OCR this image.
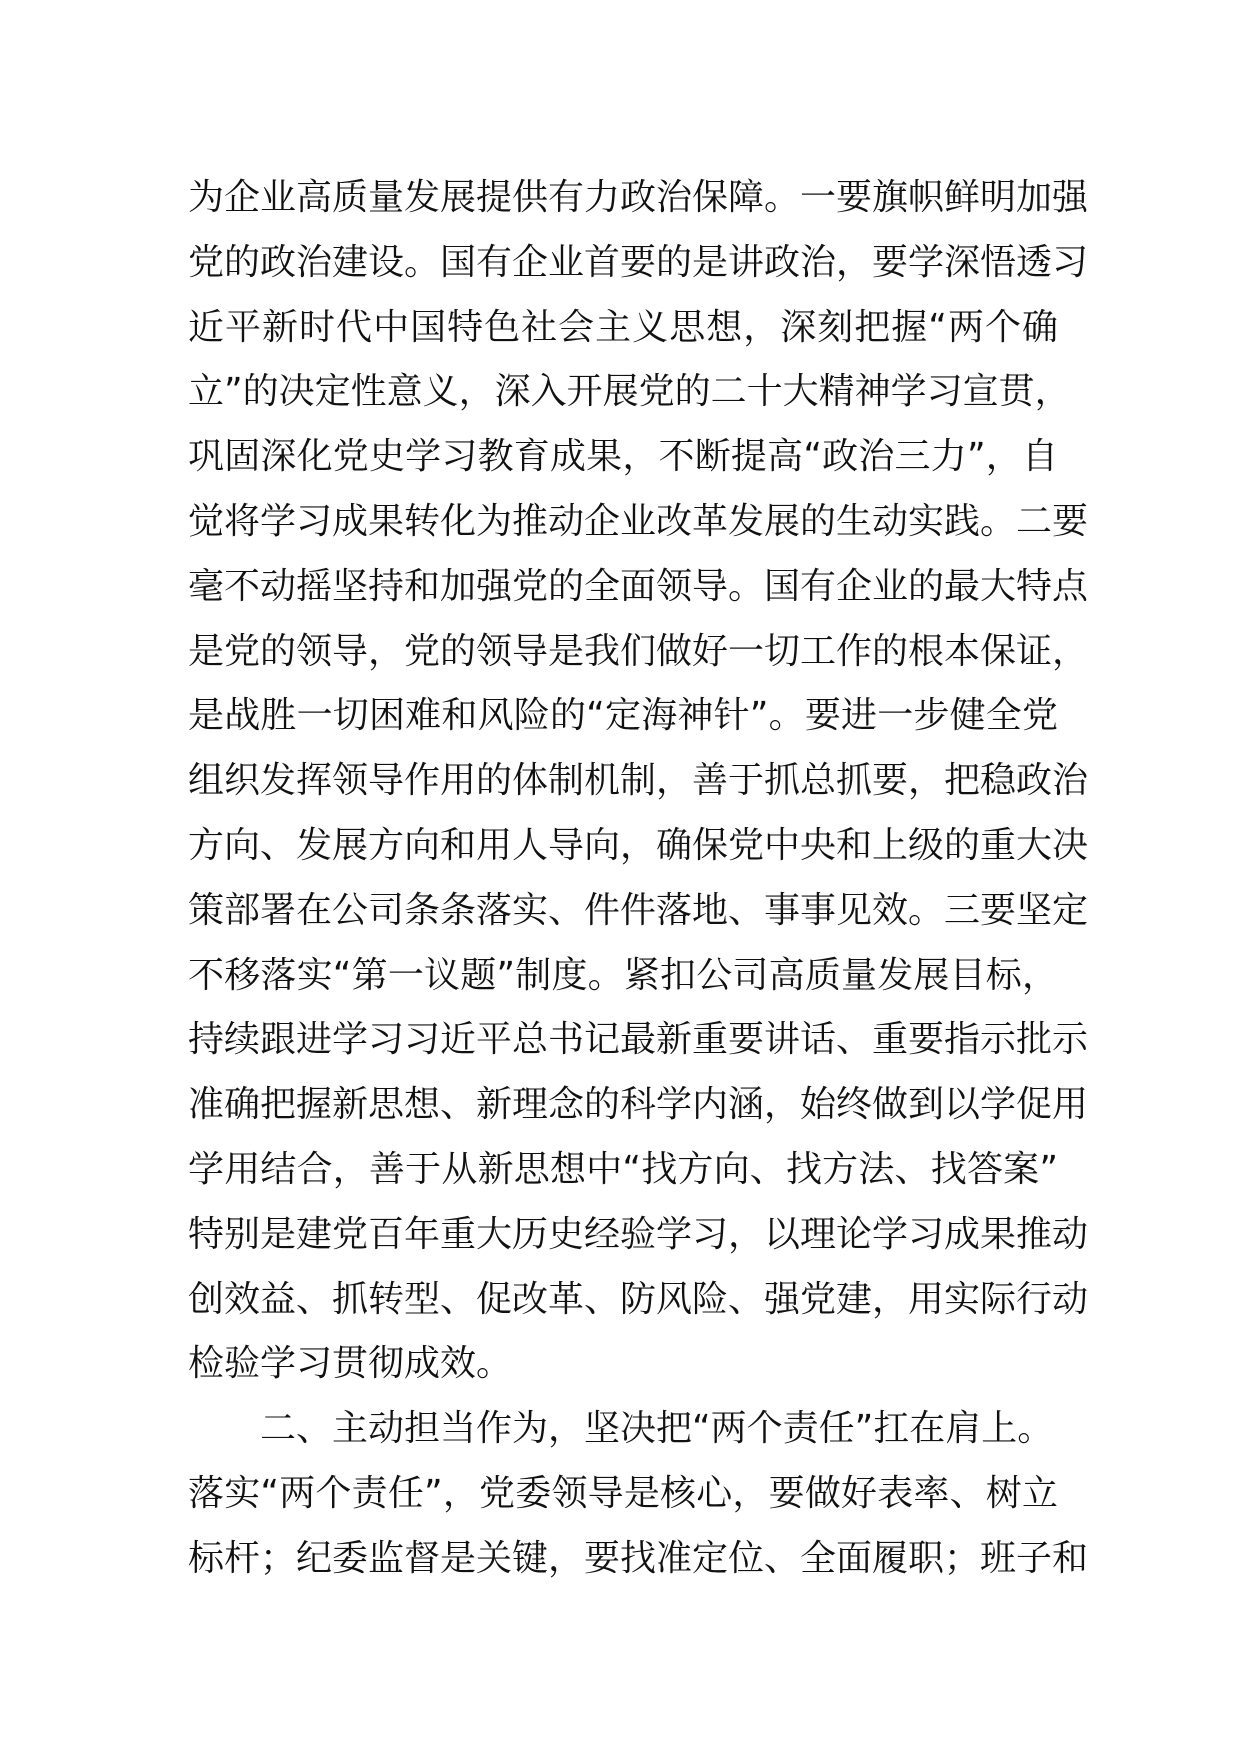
为企业高质量发展提供有力政治保障。一要旗帜鲜明加强
党的政治建设。国有企业首要的是讲政治，要学深悟透习
近平新时代中国特色社会主义思想，深刻把握“两个确
立”的决定性意义，深入开展党的二十大精神学习宣贯，
巩固深化党史学习教育成果，不断提高“政治三力”，自
觉将学习成果转化为推动企业改革发展的生动实践。二要
毫不动摇坚持和加强党的全面领导。国有企业的最大特点
是党的领导，党的领导是我们做好一切工作的根本保证，
是战胜一切困难和风险的“定海神针”。要进一步健全党
组织发挥领导作用的体制机制，善于抓总抓要，把稳政治
方向、发展方向和用人导向，确保党中央和上级的重大决
策部署在公司条条落实、件件落地、事事见效。三要坚定
不移落实“第一议题”制度。紧扣公司高质量发展目标，
持续跟进学习习近平总书记最新重要讲话、重要指示批示
准确把握新思想、新理念的科学内涵，始终做到以学促用
学用结合，善于从新思想中“找方向、找方法、找答案”
特别是建党百年重大历史经验学习，以理论学习成果推动
创效益、抓转型、促改革、防风险、强党建，用实际行动
检验学习贯彻成效。
二、主动担当作为，坚决把“两个责任”扛在肩上。
落实“两个责任”，党委领导是核心，要做好表率、树立
标杆；纪委监督是关键，要找准定位、全面履职；班子和
